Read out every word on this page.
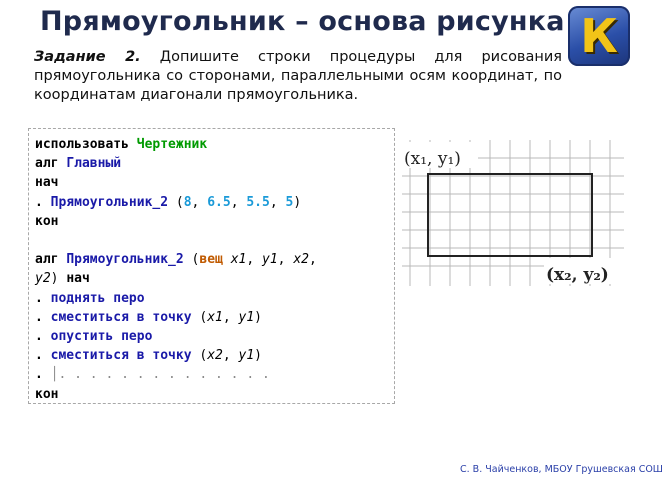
Прямоугольник – основа рисунка К
Задание 2. Допишите строки процедуры для рисования прямоугольника со сторонами, параллельными осям координат, по координатам диагонали прямоугольника.
использовать Чертежник
алг Главный
нач
. Прямоугольник_2 (8, 6.5, 5.5, 5)
кон

алг Прямоугольник_2 (вещ x1, y1, x2,
y2) нач
. поднять перо
. сместиться в точку (x1, y1)
. опустить перо
. сместиться в точку (x2, y1)
. │. . . . . . . . . . . . . .
кон
(x₁, y₁)
(x₂, y₂)
С. В. Чайченков, МБОУ Грушевская СОШ
